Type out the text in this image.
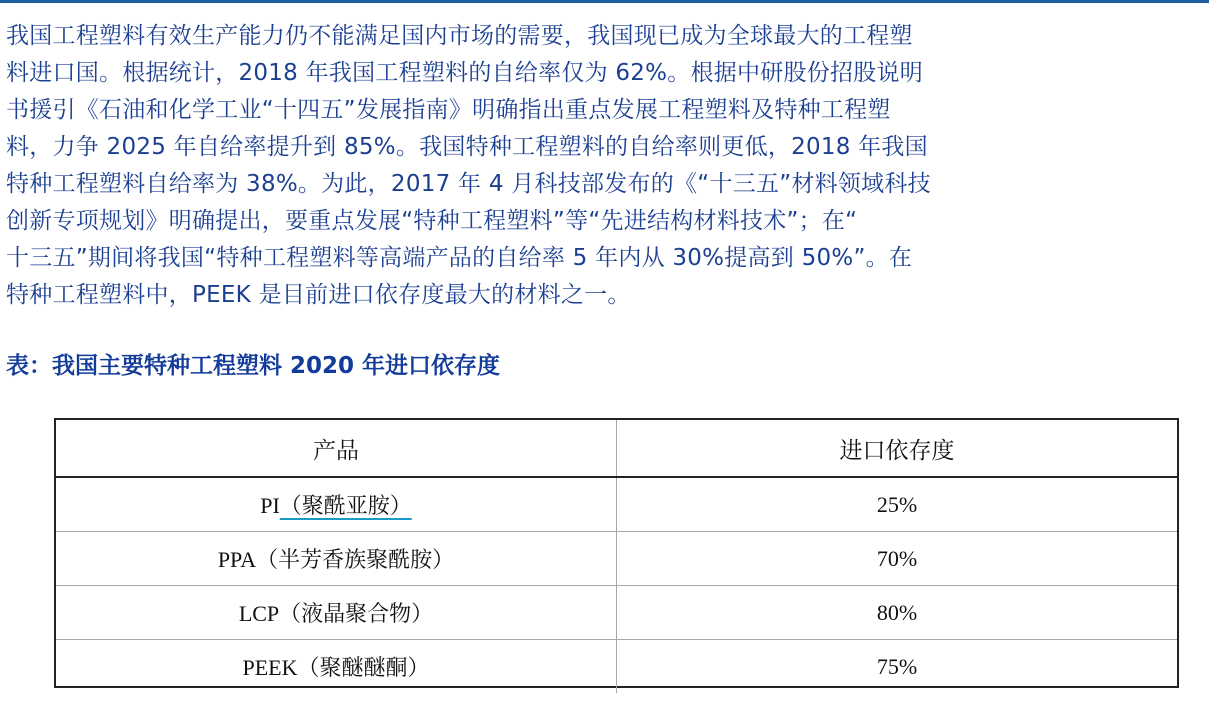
我国工程塑料有效生产能力仍不能满足国内市场的需要，我国现已成为全球最大的工程塑
料进口国。根据统计，2018 年我国工程塑料的自给率仅为 62%。根据中研股份招股说明
书援引《石油和化学工业“十四五”发展指南》明确指出重点发展工程塑料及特种工程塑
料，力争 2025 年自给率提升到 85%。我国特种工程塑料的自给率则更低，2018 年我国
特种工程塑料自给率为 38%。为此，2017 年 4 月科技部发布的《“十三五”材料领域科技
创新专项规划》明确提出，要重点发展“特种工程塑料”等“先进结构材料技术”；在“
十三五”期间将我国“特种工程塑料等高端产品的自给率 5 年内从 30%提高到 50%”。在
特种工程塑料中，PEEK 是目前进口依存度最大的材料之一。

表：我国主要特种工程塑料 2020 年进口依存度
产品	进口依存度
PI（聚酰亚胺）	25%
PPA（半芳香族聚酰胺）	70%
LCP（液晶聚合物）	80%
PEEK（聚醚醚酮）	75%
